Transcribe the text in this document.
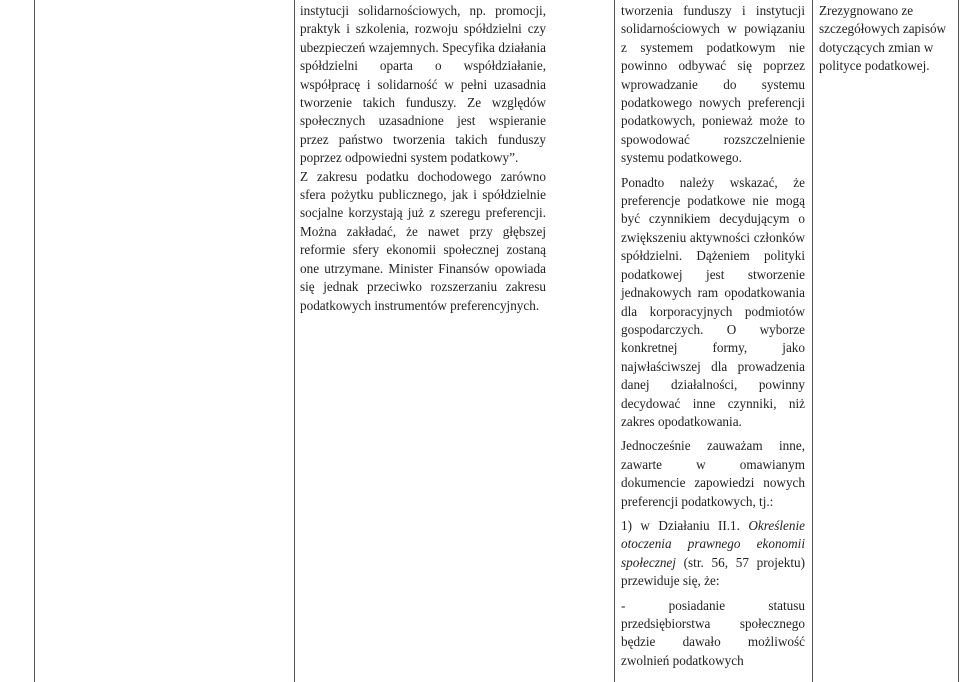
instytucji solidarnościowych, np. promocji, praktyk i szkolenia, rozwoju spółdzielni czy ubezpieczeń wzajemnych. Specyfika działania spółdzielni oparta o współdziałanie, współpracę i solidarność w pełni uzasadnia tworzenie takich funduszy. Ze względów społecznych uzasadnione jest wspieranie przez państwo tworzenia takich funduszy poprzez odpowiedni system podatkowy”.

Z zakresu podatku dochodowego zarówno sfera pożytku publicznego, jak i spółdzielnie socjalne korzystają już z szeregu preferencji. Można zakładać, że nawet przy głębszej reformie sfery ekonomii społecznej zostaną one utrzymane. Minister Finansów opowiada się jednak przeciwko rozszerzaniu zakresu podatkowych instrumentów preferencyjnych.

tworzenia funduszy i instytucji solidarnościowych w powiązaniu z systemem podatkowym nie powinno odbywać się poprzez wprowadzanie do systemu podatkowego nowych preferencji podatkowych, ponieważ może to spowodować rozszczelnienie systemu podatkowego.

Ponadto należy wskazać, że preferencje podatkowe nie mogą być czynnikiem decydującym o zwiększeniu aktywności członków spółdzielni. Dążeniem polityki podatkowej jest stworzenie jednakowych ram opodatkowania dla korporacyjnych podmiotów gospodarczych. O wyborze konkretnej formy, jako najwłaściwszej dla prowadzenia danej działalności, powinny decydować inne czynniki, niż zakres opodatkowania.

Jednocześnie zauważam inne, zawarte w omawianym dokumencie zapowiedzi nowych preferencji podatkowych, tj.:

1) w Działaniu II.1. Określenie otoczenia prawnego ekonomii społecznej (str. 56, 57 projektu) przewiduje się, że:

- posiadanie statusu przedsiębiorstwa społecznego będzie dawało możliwość zwolnień podatkowych

Zrezygnowano ze szczegółowych zapisów dotyczących zmian w polityce podatkowej.
